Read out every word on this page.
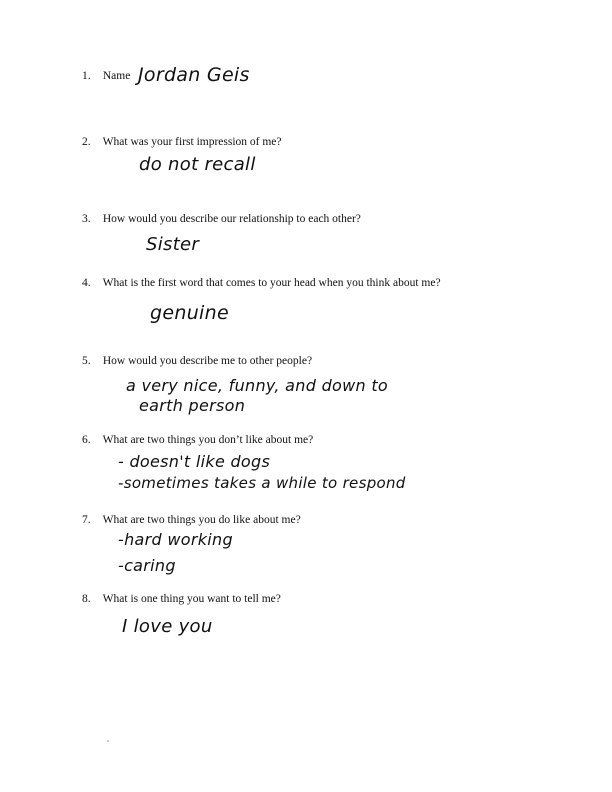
1. Name Jordan Geis
2. What was your first impression of me?
do not recall
3. How would you describe our relationship to each other?
Sister
4. What is the first word that comes to your head when you think about me?
genuine
5. How would you describe me to other people?
a very nice, funny, and down to
earth person
6. What are two things you don’t like about me?
- doesn't like dogs
-sometimes takes a while to respond
7. What are two things you do like about me?
-hard working
-caring
8. What is one thing you want to tell me?
I love you
